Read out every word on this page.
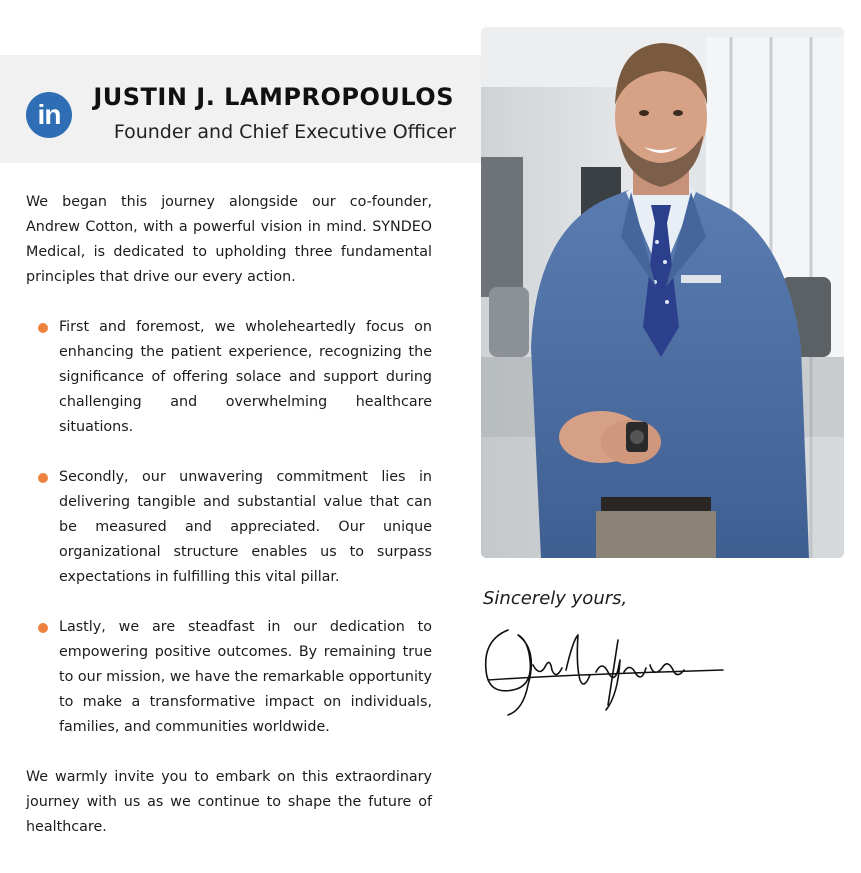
in
JUSTIN J. LAMPROPOULOS
Founder and Chief Executive Officer

We began this journey alongside our co-founder, Andrew Cotton, with a powerful vision in mind. SYNDEO Medical, is dedicated to upholding three fundamental principles that drive our every action.

First and foremost, we wholeheartedly focus on enhancing the patient experience, recognizing the significance of offering solace and support during challenging and overwhelming healthcare situations.
Secondly, our unwavering commitment lies in delivering tangible and substantial value that can be measured and appreciated. Our unique organizational structure enables us to surpass expectations in fulfilling this vital pillar.
Lastly, we are steadfast in our dedication to empowering positive outcomes. By remaining true to our mission, we have the remarkable opportunity to make a transformative impact on individuals, families, and communities worldwide.

We warmly invite you to embark on this extraordinary journey with us as we continue to shape the future of healthcare.

Sincerely yours,
